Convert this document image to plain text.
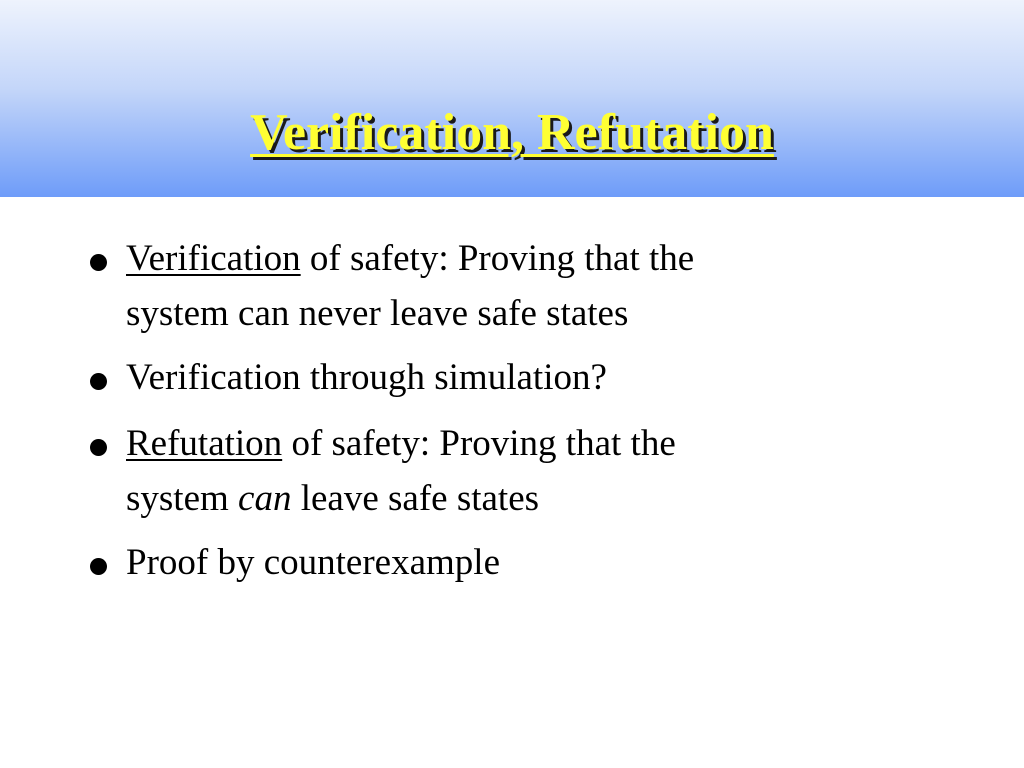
Verification, Refutation
Verification of safety: Proving that the
system can never leave safe states
Verification through simulation?
Refutation of safety: Proving that the
system can leave safe states
Proof by counterexample
